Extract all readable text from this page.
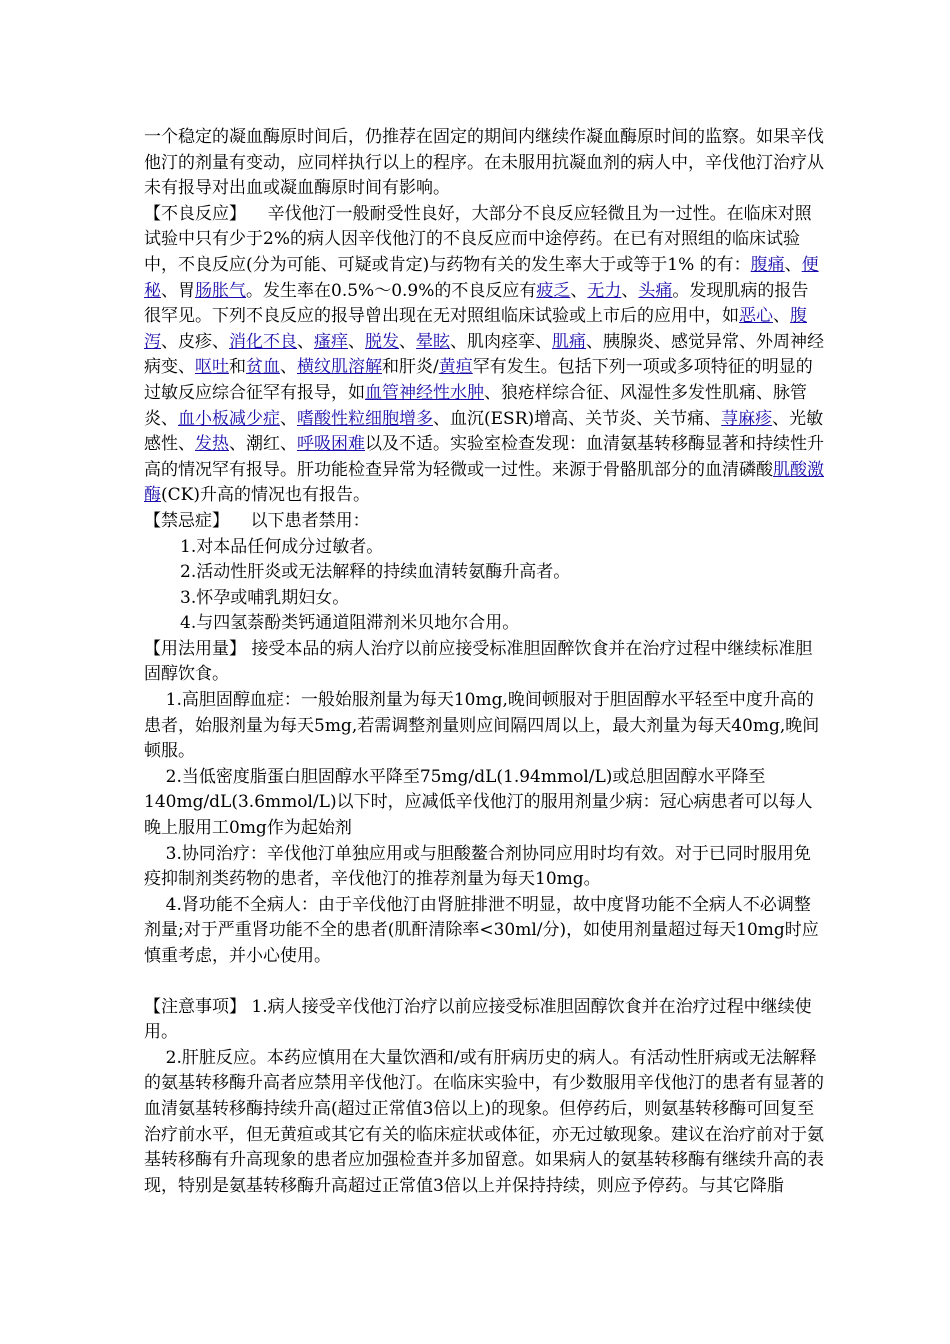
一个稳定的凝血酶原时间后，仍推荐在固定的期间内继续作凝血酶原时间的监察。如果辛伐他汀的剂量有变动，应同样执行以上的程序。在未服用抗凝血剂的病人中，辛伐他汀治疗从未有报导对出血或凝血酶原时间有影响。

【不良反应】    辛伐他汀一般耐受性良好，大部分不良反应轻微且为一过性。在临床对照试验中只有少于2%的病人因辛伐他汀的不良反应而中途停药。在已有对照组的临床试验中，不良反应(分为可能、可疑或肯定)与药物有关的发生率大于或等于1% 的有：腹痛、便秘、胃肠胀气。发生率在0.5%～0.9%的不良反应有疲乏、无力、头痛。发现肌病的报告很罕见。下列不良反应的报导曾出现在无对照组临床试验或上市后的应用中，如恶心、腹泻、皮疹、消化不良、瘙痒、脱发、晕眩、肌肉痉挛、肌痛、胰腺炎、感觉异常、外周神经病变、呕吐和贫血、横纹肌溶解和肝炎/黄疸罕有发生。包括下列一项或多项特征的明显的过敏反应综合征罕有报导，如血管神经性水肿、狼疮样综合征、风湿性多发性肌痛、脉管炎、血小板减少症、嗜酸性粒细胞增多、血沉(ESR)增高、关节炎、关节痛、荨麻疹、光敏感性、发热、潮红、呼吸困难以及不适。实验室检查发现：血清氨基转移酶显著和持续性升高的情况罕有报导。肝功能检查异常为轻微或一过性。来源于骨骼肌部分的血清磷酸肌酸激酶(CK)升高的情况也有报告。

【禁忌症】    以下患者禁用：

1.对本品任何成分过敏者。

2.活动性肝炎或无法解释的持续血清转氨酶升高者。

3.怀孕或哺乳期妇女。

4.与四氢萘酚类钙通道阻滞剂米贝地尔合用。

【用法用量】 接受本品的病人治疗以前应接受标准胆固醉饮食并在治疗过程中继续标准胆固醇饮食。

1.高胆固醇血症：一般始服剂量为每天10mg,晚间顿服对于胆固醇水平轻至中度升高的患者，始服剂量为每天5mg,若需调整剂量则应间隔四周以上，最大剂量为每天40mg,晚间顿服。

2.当低密度脂蛋白胆固醇水平降至75mg/dL(1.94mmol/L)或总胆固醇水平降至140mg/dL(3.6mmol/L)以下时，应减低辛伐他汀的服用剂量少病：冠心病患者可以每人晚上服用工0mg作为起始剂

3.协同治疗：辛伐他汀单独应用或与胆酸鳌合剂协同应用时均有效。对于已同时服用免疫抑制剂类药物的患者，辛伐他汀的推荐剂量为每天10mg。

4.肾功能不全病人：由于辛伐他汀由肾脏排泄不明显，故中度肾功能不全病人不必调整剂量;对于严重肾功能不全的患者(肌酐清除率<30ml/分)，如使用剂量超过每天10mg时应慎重考虑，并小心使用。

【注意事项】 1.病人接受辛伐他汀治疗以前应接受标准胆固醇饮食并在治疗过程中继续使用。

2.肝脏反应。本药应慎用在大量饮酒和/或有肝病历史的病人。有活动性肝病或无法解释的氨基转移酶升高者应禁用辛伐他汀。在临床实验中，有少数服用辛伐他汀的患者有显著的血清氨基转移酶持续升高(超过正常值3倍以上)的现象。但停药后，则氨基转移酶可回复至治疗前水平，但无黄疸或其它有关的临床症状或体征，亦无过敏现象。建议在治疗前对于氨基转移酶有升高现象的患者应加强检查并多加留意。如果病人的氨基转移酶有继续升高的表现，特别是氨基转移酶升高超过正常值3倍以上并保持持续，则应予停药。与其它降脂
